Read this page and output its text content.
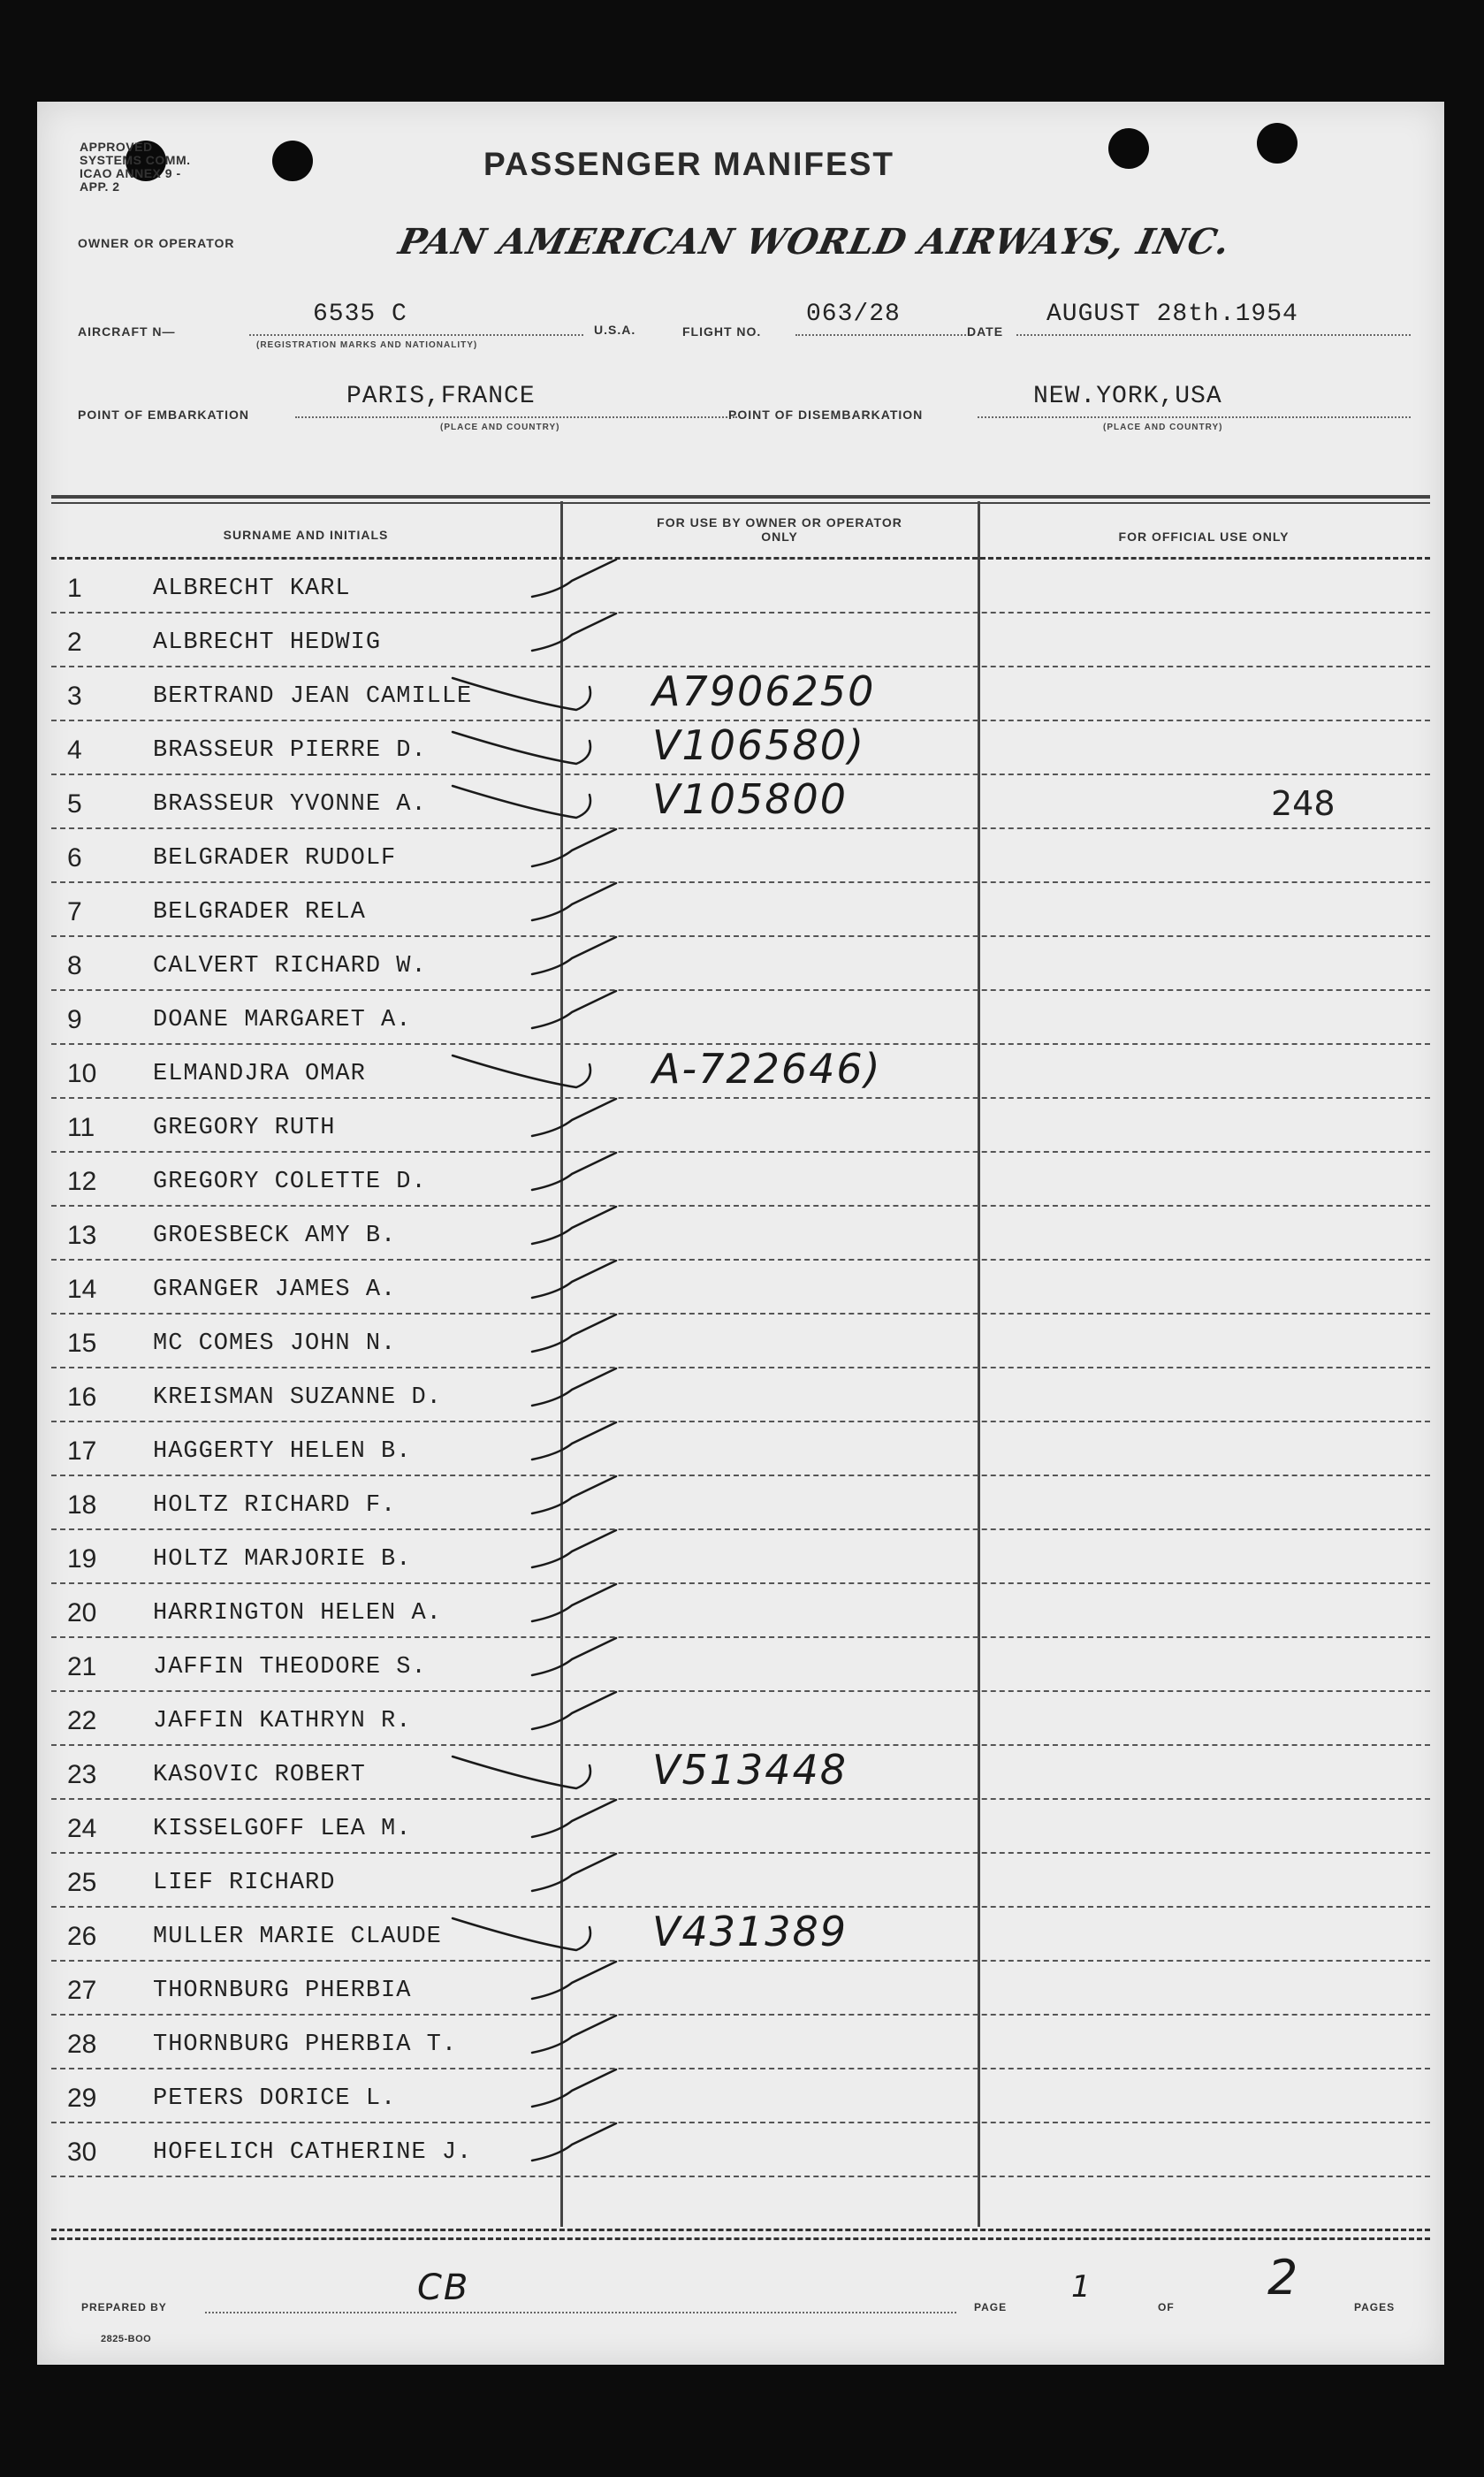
APPROVED SYSTEMS COMM. ICAO ANNEX 9 - APP. 2
PASSENGER MANIFEST
OWNER OR OPERATOR	PAN AMERICAN WORLD AIRWAYS, INC.
AIRCRAFT N—
6535 C
(REGISTRATION MARKS AND NATIONALITY)
U.S.A.	FLIGHT NO.
063/28
DATE
AUGUST 28th.1954
POINT OF EMBARKATION
PARIS,FRANCE
(PLACE AND COUNTRY)
POINT OF DISEMBARKATION
NEW.YORK,USA
(PLACE AND COUNTRY)
SURNAME AND INITIALS
FOR USE BY OWNER OR OPERATOR ONLY	FOR OFFICIAL USE ONLY
1	ALBRECHT KARL
2	ALBRECHT HEDWIG
3	BERTRAND JEAN CAMILLE	A7906250
4	BRASSEUR PIERRE D.	V106580)
5	BRASSEUR YVONNE A.	V105800	248
6	BELGRADER RUDOLF
7	BELGRADER RELA
8	CALVERT RICHARD W.
9	DOANE MARGARET A.
10 ELMANDJRA OMAR	A-722646)
11 GREGORY RUTH
12 GREGORY COLETTE D.
13 GROESBECK AMY B.
14 GRANGER JAMES A.
15 MC COMES JOHN N.
16 KREISMAN SUZANNE D.
17 HAGGERTY HELEN B.
18 HOLTZ RICHARD F.
19 HOLTZ MARJORIE B.
20 HARRINGTON HELEN A.
21 JAFFIN THEODORE S.
22 JAFFIN KATHRYN R.
23 KASOVIC ROBERT	V513448
24 KISSELGOFF LEA M.
25 LIEF RICHARD
26 MULLER MARIE CLAUDE	V431389
27 THORNBURG PHERBIA
28 THORNBURG PHERBIA T.
29 PETERS DORICE L.
30 HOFELICH CATHERINE J.
PREPARED BY	CB	PAGE
1
OF
2
PAGES
2825-BOO
